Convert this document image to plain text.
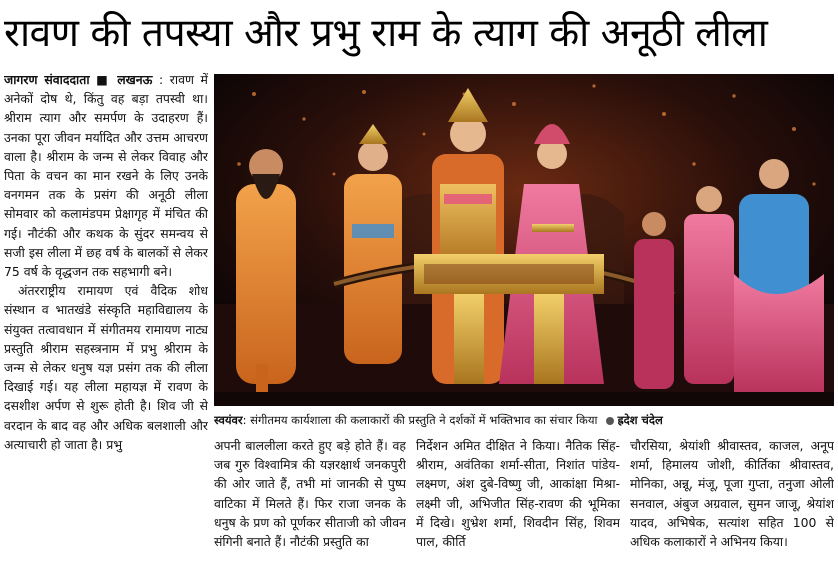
रावण की तपस्या और प्रभु राम के त्याग की अनूठी लीला

जागरण संवाददाता ■ लखनऊ : रावण में अनेकों दोष थे, किंतु वह बड़ा तपस्वी था। श्रीराम त्याग और समर्पण के उदाहरण हैं। उनका पूरा जीवन मर्यादित और उत्तम आचरण वाला है। श्रीराम के जन्म से लेकर विवाह और पिता के वचन का मान रखने के लिए उनके वनगमन तक के प्रसंग की अनूठी लीला सोमवार को कलामंडपम प्रेक्षागृह में मंचित की गई। नौटंकी और कथक के सुंदर समन्वय से सजी इस लीला में छह वर्ष के बालकों से लेकर 75 वर्ष के वृद्धजन तक सहभागी बने।

अंतरराष्ट्रीय रामायण एवं वैदिक शोध संस्थान व भातखंडे संस्कृति महाविद्यालय के संयुक्त तत्वावधान में संगीतमय रामायण नाट्य प्रस्तुति श्रीराम सहस्त्रनाम में प्रभु श्रीराम के जन्म से लेकर धनुष यज्ञ प्रसंग तक की लीला दिखाई गई। यह लीला महायज्ञ में रावण के दसशीश अर्पण से शुरू होती है। शिव जी से वरदान के बाद वह और अधिक बलशाली और अत्याचारी हो जाता है। प्रभु

स्वयंवर: संगीतमय कार्यशाला की कलाकारों की प्रस्तुति ने दर्शकों में भक्तिभाव का संचार किया ह्रदेश चंदेल

अपनी बाललीला करते हुए बड़े होते हैं। वह जब गुरु विश्वामित्र की यज्ञरक्षार्थ जनकपुरी की ओर जाते हैं, तभी मां जानकी से पुष्प वाटिका में मिलते हैं। फिर राजा जनक के धनुष के प्रण को पूर्णकर सीताजी को जीवन संगिनी बनाते हैं। नौटंकी प्रस्तुति का

निर्देशन अमित दीक्षित ने किया। नैतिक सिंह-श्रीराम, अवंतिका शर्मा-सीता, निशांत पांडेय-लक्ष्मण, अंश दुबे-विष्णु जी, आकांक्षा मिश्रा-लक्ष्मी जी, अभिजीत सिंह-रावण की भूमिका में दिखे। शुभ्रेश शर्मा, शिवदीन सिंह, शिवम पाल, कीर्ति

चौरसिया, श्रेयांशी श्रीवास्तव, काजल, अनूप शर्मा, हिमालय जोशी, कीर्तिका श्रीवास्तव, मोनिका, अन्नू, मंजू, पूजा गुप्ता, तनुजा ओली सनवाल, अंबुज अग्रवाल, सुमन जाजू, श्रेयांश यादव, अभिषेक, सत्यांश सहित 100 से अधिक कलाकारों ने अभिनय किया।
